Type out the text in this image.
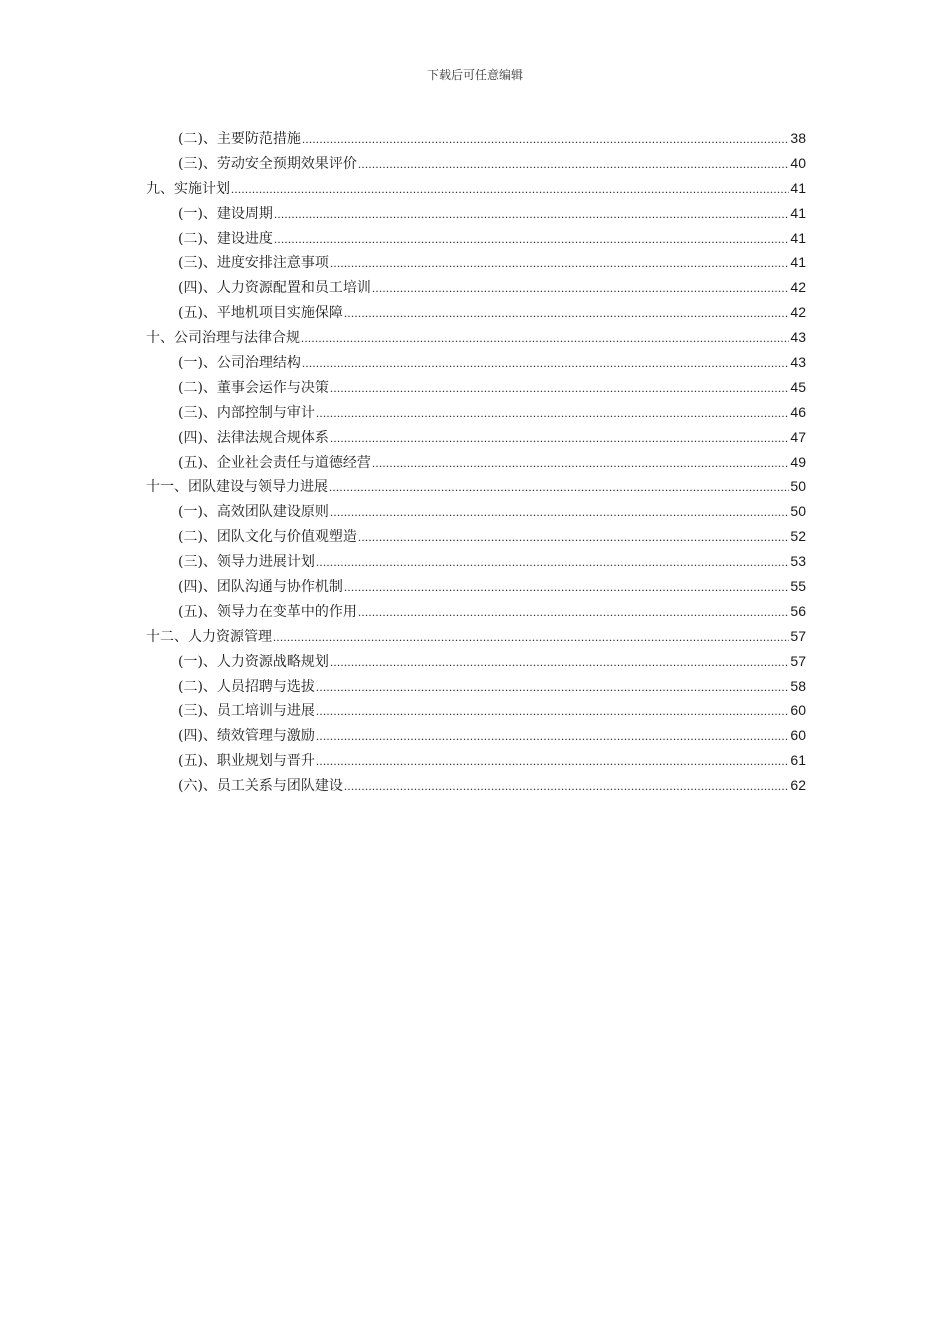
下载后可任意编辑
(二)、主要防范措施 .....	38
(三)、劳动安全预期效果评价 .....	40
九、实施计划 .....	41
(一)、建设周期 .....	41
(二)、建设进度 .....	41
(三)、进度安排注意事项 .....	41
(四)、人力资源配置和员工培训 .....	42
(五)、平地机项目实施保障 .....	42
十、公司治理与法律合规 .....	43
(一)、公司治理结构 .....	43
(二)、董事会运作与决策 .....	45
(三)、内部控制与审计 .....	46
(四)、法律法规合规体系 .....	47
(五)、企业社会责任与道德经营 .....	49
十一、团队建设与领导力进展 .....	50
(一)、高效团队建设原则 .....	50
(二)、团队文化与价值观塑造 .....	52
(三)、领导力进展计划 .....	53
(四)、团队沟通与协作机制 .....	55
(五)、领导力在变革中的作用 .....	56
十二、人力资源管理 .....	57
(一)、人力资源战略规划 .....	57
(二)、人员招聘与选拔 .....	58
(三)、员工培训与进展 .....	60
(四)、绩效管理与激励 .....	60
(五)、职业规划与晋升 .....	61
(六)、员工关系与团队建设 .....	62
